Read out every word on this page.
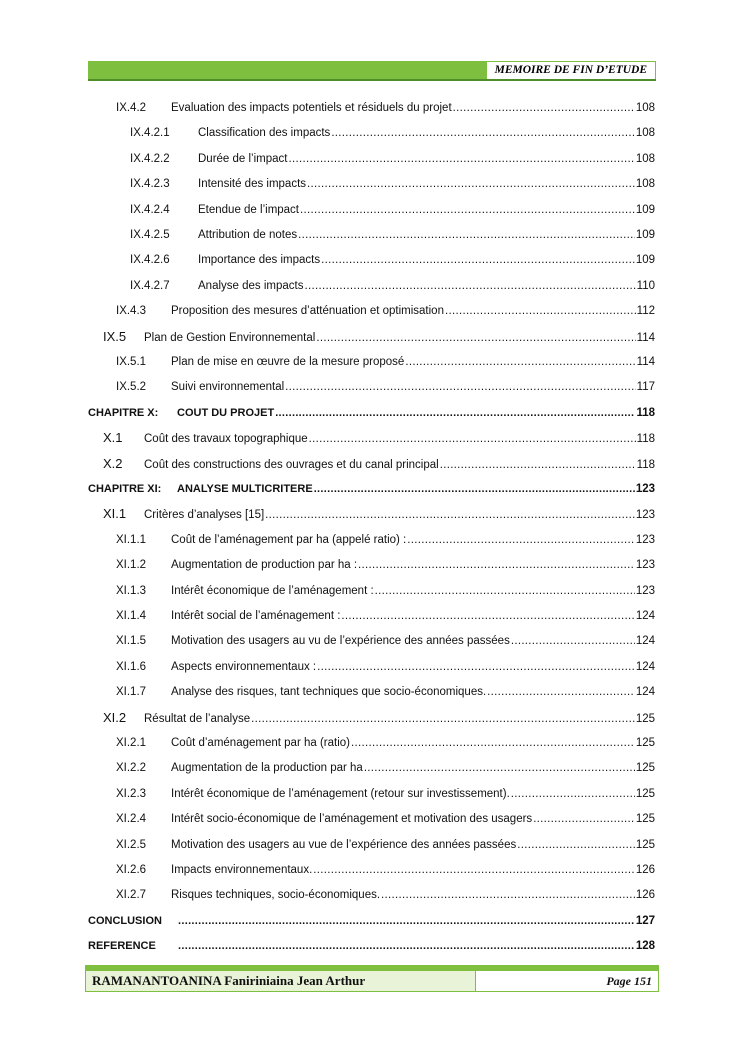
MEMOIRE DE FIN D’ETUDE
IX.4.2	Evaluation des impacts potentiels et résiduels du projet .....	108
IX.4.2.1	Classification des impacts .....	108
IX.4.2.2	Durée de l’impact .....	108
IX.4.2.3	Intensité des impacts .....	108
IX.4.2.4	Etendue de l’impact .....	109
IX.4.2.5	Attribution de notes .....	109
IX.4.2.6	Importance des impacts .....	109
IX.4.2.7	Analyse des impacts .....	110
IX.4.3	Proposition des mesures d’atténuation et optimisation .....	112
IX.5	Plan de Gestion Environnemental .....	114
IX.5.1	Plan de mise en œuvre de la mesure proposé .....	114
IX.5.2	Suivi environnemental .....	117
CHAPITRE X:	COUT DU PROJET .....	118
X.1	Coût des travaux topographique .....	118
X.2	Coût des constructions des ouvrages et du canal principal .....	118
CHAPITRE XI:	ANALYSE MULTICRITERE .....	123
XI.1	Critères d’analyses [15] .....	123
XI.1.1	Coût de l’aménagement par ha (appelé ratio) : .....	123
XI.1.2	Augmentation de production par ha : .....	123
XI.1.3	Intérêt économique de l’aménagement : .....	123
XI.1.4	Intérêt social de l’aménagement : .....	124
XI.1.5	Motivation des usagers au vu de l’expérience des années passées .....	124
XI.1.6	Aspects environnementaux : .....	124
XI.1.7	Analyse des risques, tant techniques que socio-économiques. .....	124
XI.2	Résultat de l’analyse .....	125
XI.2.1	Coût d’aménagement par ha (ratio) .....	125
XI.2.2	Augmentation de la production par ha .....	125
XI.2.3	Intérêt économique de l’aménagement (retour sur investissement). .....	125
XI.2.4	Intérêt socio-économique de l’aménagement et motivation des usagers .....	125
XI.2.5	Motivation des usagers au vue de l’expérience des années passées .....	125
XI.2.6	Impacts environnementaux. .....	126
XI.2.7	Risques techniques, socio-économiques. .....	126
CONCLUSION .....	127
REFERENCE .....	128
RAMANANTOANINA Faniriniaina Jean Arthur	Page 151
